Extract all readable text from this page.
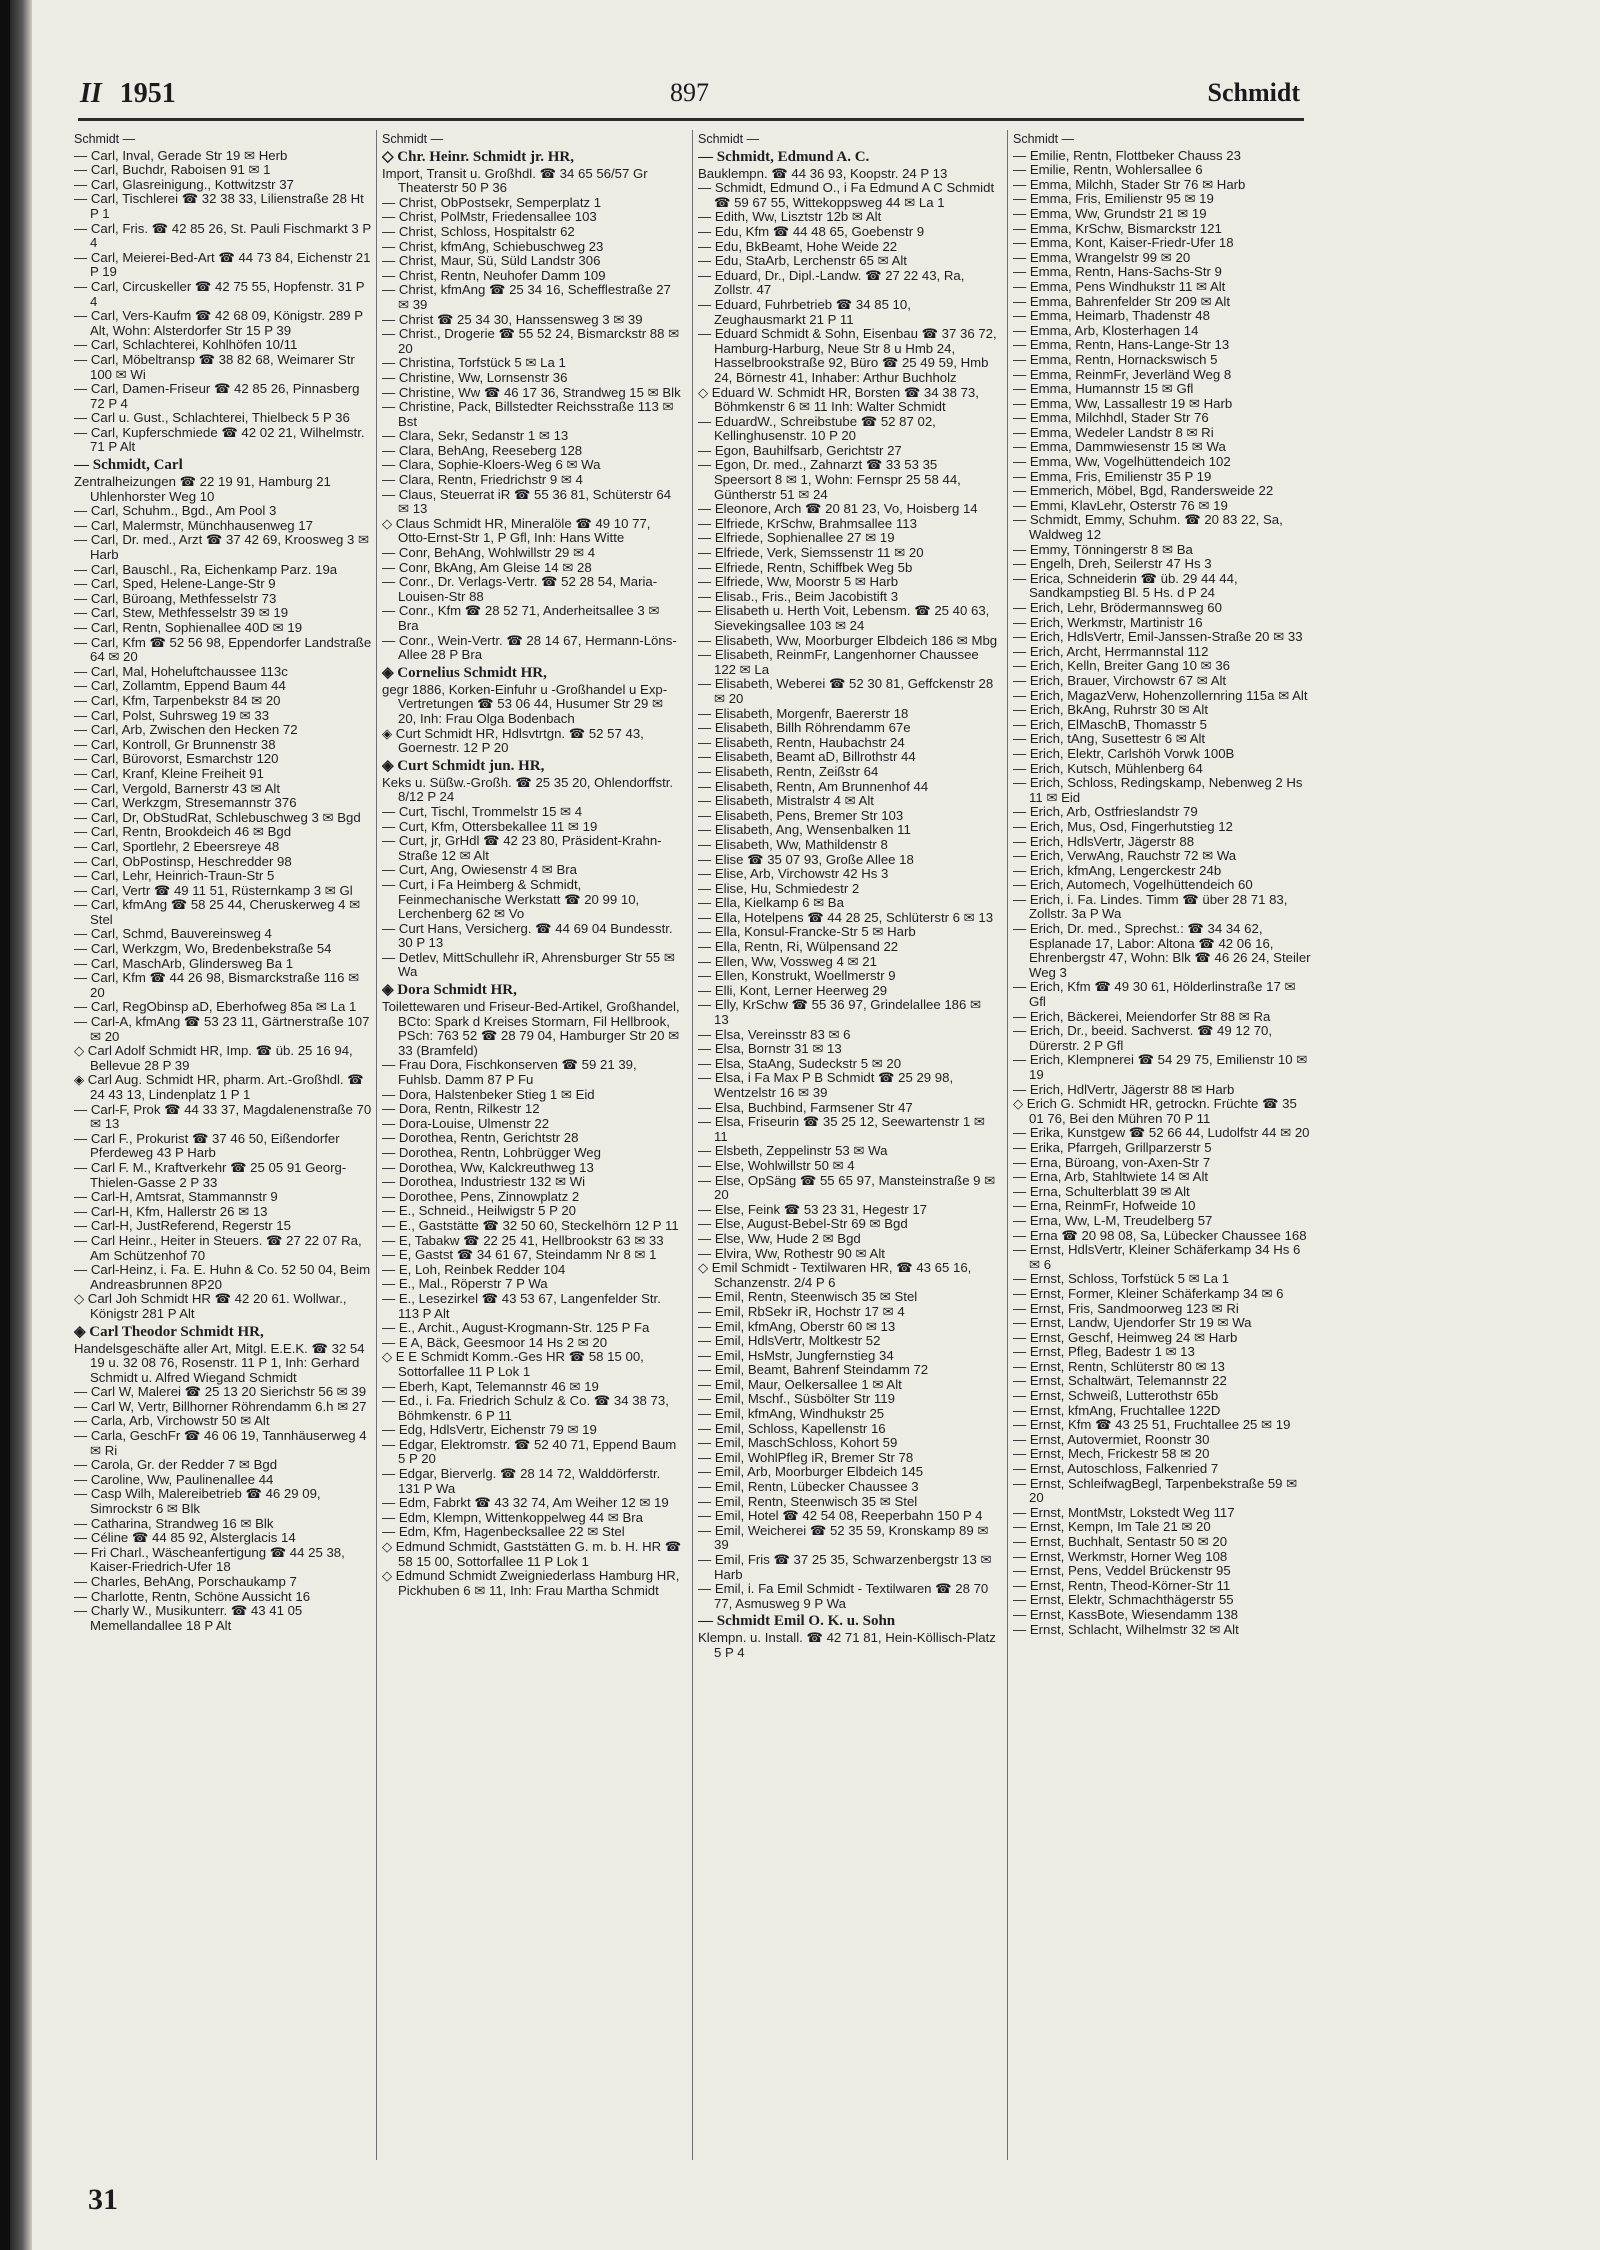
II 1951	897	Schmidt
Schmidt —
— Carl, Inval, Gerade Str 19 ✉ Herb
— Carl, Buchdr, Raboisen 91 ✉ 1
— Carl, Glasreinigung., Kottwitzstr 37
— Carl, Tischlerei ☎ 32 38 33, Lilienstraße 28 Ht P 1
— Carl, Fris. ☎ 42 85 26, St. Pauli Fischmarkt 3 P 4
— Carl, Meierei-Bed-Art ☎ 44 73 84, Eichenstr 21 P 19
— Carl, Circuskeller ☎ 42 75 55, Hopfenstr. 31 P 4
— Carl, Vers-Kaufm ☎ 42 68 09, Königstr. 289 P Alt, Wohn: Alsterdorfer Str 15 P 39
— Carl, Schlachterei, Kohlhöfen 10/11
— Carl, Möbeltransp ☎ 38 82 68, Weimarer Str 100 ✉ Wi
— Carl, Damen-Friseur ☎ 42 85 26, Pinnasberg 72 P 4
— Carl u. Gust., Schlachterei, Thielbeck 5 P 36
— Carl, Kupferschmiede ☎ 42 02 21, Wilhelmstr. 71 P Alt
— Schmidt, Carl
Zentralheizungen ☎ 22 19 91, Hamburg 21 Uhlenhorster Weg 10
— Carl, Schuhm., Bgd., Am Pool 3
— Carl, Malermstr, Münchhausenweg 17
— Carl, Dr. med., Arzt ☎ 37 42 69, Kroosweg 3 ✉ Harb
— Carl, Bauschl., Ra, Eichenkamp Parz. 19a
— Carl, Sped, Helene-Lange-Str 9
— Carl, Büroang, Methfesselstr 73
— Carl, Stew, Methfesselstr 39 ✉ 19
— Carl, Rentn, Sophienallee 40D ✉ 19
— Carl, Kfm ☎ 52 56 98, Eppendorfer Landstraße 64 ✉ 20
— Carl, Mal, Hoheluftchaussee 113c
— Carl, Zollamtm, Eppend Baum 44
— Carl, Kfm, Tarpenbekstr 84 ✉ 20
— Carl, Polst, Suhrsweg 19 ✉ 33
— Carl, Arb, Zwischen den Hecken 72
— Carl, Kontroll, Gr Brunnenstr 38
— Carl, Bürovorst, Esmarchstr 120
— Carl, Kranf, Kleine Freiheit 91
— Carl, Vergold, Barnerstr 43 ✉ Alt
— Carl, Werkzgm, Stresemannstr 376
— Carl, Dr, ObStudRat, Schlebuschweg 3 ✉ Bgd
— Carl, Rentn, Brookdeich 46 ✉ Bgd
— Carl, Sportlehr, 2 Ebeersreye 48
— Carl, ObPostinsp, Heschredder 98
— Carl, Lehr, Heinrich-Traun-Str 5
— Carl, Vertr ☎ 49 11 51, Rüsternkamp 3 ✉ Gl
— Carl, kfmAng ☎ 58 25 44, Cheruskerweg 4 ✉ Stel
— Carl, Schmd, Bauvereinsweg 4
— Carl, Werkzgm, Wo, Bredenbekstraße 54
— Carl, MaschArb, Glindersweg Ba 1
— Carl, Kfm ☎ 44 26 98, Bismarckstraße 116 ✉ 20
— Carl, RegObinsp aD, Eberhofweg 85a ✉ La 1
— Carl-A, kfmAng ☎ 53 23 11, Gärtnerstraße 107 ✉ 20
◇ Carl Adolf Schmidt HR, Imp. ☎ üb. 25 16 94, Bellevue 28 P 39
◈ Carl Aug. Schmidt HR, pharm. Art.-Großhdl. ☎ 24 43 13, Lindenplatz 1 P 1
— Carl-F, Prok ☎ 44 33 37, Magdalenenstraße 70 ✉ 13
— Carl F., Prokurist ☎ 37 46 50, Eißendorfer Pferdeweg 43 P Harb
— Carl F. M., Kraftverkehr ☎ 25 05 91 Georg-Thielen-Gasse 2 P 33
— Carl-H, Amtsrat, Stammannstr 9
— Carl-H, Kfm, Hallerstr 26 ✉ 13
— Carl-H, JustReferend, Regerstr 15
— Carl Heinr., Heiter in Steuers. ☎ 27 22 07 Ra, Am Schützenhof 70
— Carl-Heinz, i. Fa. E. Huhn & Co. 52 50 04, Beim Andreasbrunnen 8P20
◇ Carl Joh Schmidt HR ☎ 42 20 61. Wollwar., Königstr 281 P Alt
◈ Carl Theodor Schmidt HR,
Handelsgeschäfte aller Art, Mitgl. E.E.K. ☎ 32 54 19 u. 32 08 76, Rosenstr. 11 P 1, Inh: Gerhard Schmidt u. Alfred Wiegand Schmidt
— Carl W, Malerei ☎ 25 13 20 Sierichstr 56 ✉ 39
— Carl W, Vertr, Billhorner Röhrendamm 6.h ✉ 27
— Carla, Arb, Virchowstr 50 ✉ Alt
— Carla, GeschFr ☎ 46 06 19, Tannhäuserweg 4 ✉ Ri
— Carola, Gr. der Redder 7 ✉ Bgd
— Caroline, Ww, Paulinenallee 44
— Casp Wilh, Malereibetrieb ☎ 46 29 09, Simrockstr 6 ✉ Blk
— Catharina, Strandweg 16 ✉ Blk
— Céline ☎ 44 85 92, Alsterglacis 14
— Fri Charl., Wäscheanfertigung ☎ 44 25 38, Kaiser-Friedrich-Ufer 18
— Charles, BehAng, Porschaukamp 7
— Charlotte, Rentn, Schöne Aussicht 16
— Charly W., Musikunterr. ☎ 43 41 05 Memellandallee 18 P Alt
Schmidt —
◇ Chr. Heinr. Schmidt jr. HR,
Import, Transit u. Großhdl. ☎ 34 65 56/57 Gr Theaterstr 50 P 36
— Christ, ObPostsekr, Semperplatz 1
— Christ, PolMstr, Friedensallee 103
— Christ, Schloss, Hospitalstr 62
— Christ, kfmAng, Schiebuschweg 23
— Christ, Maur, Sü, Süld Landstr 306
— Christ, Rentn, Neuhofer Damm 109
— Christ, kfmAng ☎ 25 34 16, Schefflestraße 27 ✉ 39
— Christ ☎ 25 34 30, Hanssensweg 3 ✉ 39
— Christ., Drogerie ☎ 55 52 24, Bismarckstr 88 ✉ 20
— Christina, Torfstück 5 ✉ La 1
— Christine, Ww, Lornsenstr 36
— Christine, Ww ☎ 46 17 36, Strandweg 15 ✉ Blk
— Christine, Pack, Billstedter Reichsstraße 113 ✉ Bst
— Clara, Sekr, Sedanstr 1 ✉ 13
— Clara, BehAng, Reeseberg 128
— Clara, Sophie-Kloers-Weg 6 ✉ Wa
— Clara, Rentn, Friedrichstr 9 ✉ 4
— Claus, Steuerrat iR ☎ 55 36 81, Schüterstr 64 ✉ 13
◇ Claus Schmidt HR, Mineralöle ☎ 49 10 77, Otto-Ernst-Str 1, P Gfl, Inh: Hans Witte
— Conr, BehAng, Wohlwillstr 29 ✉ 4
— Conr, BkAng, Am Gleise 14 ✉ 28
— Conr., Dr. Verlags-Vertr. ☎ 52 28 54, Maria-Louisen-Str 88
— Conr., Kfm ☎ 28 52 71, Anderheitsallee 3 ✉ Bra
— Conr., Wein-Vertr. ☎ 28 14 67, Hermann-Löns-Allee 28 P Bra
◈ Cornelius Schmidt HR,
gegr 1886, Korken-Einfuhr u -Großhandel u Exp-Vertretungen ☎ 53 06 44, Husumer Str 29 ✉ 20, Inh: Frau Olga Bodenbach
◈ Curt Schmidt HR, Hdlsvtrtgn. ☎ 52 57 43, Goernestr. 12 P 20
◈ Curt Schmidt jun. HR,
Keks u. Süßw.-Großh. ☎ 25 35 20, Ohlendorffstr. 8/12 P 24
— Curt, Tischl, Trommelstr 15 ✉ 4
— Curt, Kfm, Ottersbekallee 11 ✉ 19
— Curt, jr, GrHdl ☎ 42 23 80, Präsident-Krahn-Straße 12 ✉ Alt
— Curt, Ang, Owiesenstr 4 ✉ Bra
— Curt, i Fa Heimberg & Schmidt, Feinmechanische Werkstatt ☎ 20 99 10, Lerchenberg 62 ✉ Vo
— Curt Hans, Versicherg. ☎ 44 69 04 Bundesstr. 30 P 13
— Detlev, MittSchullehr iR, Ahrensburger Str 55 ✉ Wa
◈ Dora Schmidt HR,
Toilettewaren und Friseur-Bed-Artikel, Großhandel, BCto: Spark d Kreises Stormarn, Fil Hellbrook, PSch: 763 52 ☎ 28 79 04, Hamburger Str 20 ✉ 33 (Bramfeld)
— Frau Dora, Fischkonserven ☎ 59 21 39, Fuhlsb. Damm 87 P Fu
— Dora, Halstenbeker Stieg 1 ✉ Eid
— Dora, Rentn, Rilkestr 12
— Dora-Louise, Ulmenstr 22
— Dorothea, Rentn, Gerichtstr 28
— Dorothea, Rentn, Lohbrügger Weg
— Dorothea, Ww, Kalckreuthweg 13
— Dorothea, Industriestr 132 ✉ Wi
— Dorothee, Pens, Zinnowplatz 2
— E., Schneid., Heilwigstr 5 P 20
— E., Gaststätte ☎ 32 50 60, Steckelhörn 12 P 11
— E, Tabakw ☎ 22 25 41, Hellbrookstr 63 ✉ 33
— E, Gastst ☎ 34 61 67, Steindamm Nr 8 ✉ 1
— E, Loh, Reinbek Redder 104
— E., Mal., Röperstr 7 P Wa
— E., Lesezirkel ☎ 43 53 67, Langenfelder Str. 113 P Alt
— E., Archit., August-Krogmann-Str. 125 P Fa
— E A, Bäck, Geesmoor 14 Hs 2 ✉ 20
◇ E E Schmidt Komm.-Ges HR ☎ 58 15 00, Sottorfallee 11 P Lok 1
— Eberh, Kapt, Telemannstr 46 ✉ 19
— Ed., i. Fa. Friedrich Schulz & Co. ☎ 34 38 73, Böhmkenstr. 6 P 11
— Edg, HdlsVertr, Eichenstr 79 ✉ 19
— Edgar, Elektromstr. ☎ 52 40 71, Eppend Baum 5 P 20
— Edgar, Bierverlg. ☎ 28 14 72, Walddörferstr. 131 P Wa
— Edm, Fabrkt ☎ 43 32 74, Am Weiher 12 ✉ 19
— Edm, Klempn, Wittenkoppelweg 44 ✉ Bra
— Edm, Kfm, Hagenbecksallee 22 ✉ Stel
◇ Edmund Schmidt, Gaststätten G. m. b. H. HR ☎ 58 15 00, Sottorfallee 11 P Lok 1
◇ Edmund Schmidt Zweigniederlass Hamburg HR, Pickhuben 6 ✉ 11, Inh: Frau Martha Schmidt
Schmidt —
— Schmidt, Edmund A. C.
Bauklempn. ☎ 44 36 93, Koopstr. 24 P 13
— Schmidt, Edmund O., i Fa Edmund A C Schmidt ☎ 59 67 55, Wittekoppsweg 44 ✉ La 1
— Edith, Ww, Lisztstr 12b ✉ Alt
— Edu, Kfm ☎ 44 48 65, Goebenstr 9
— Edu, BkBeamt, Hohe Weide 22
— Edu, StaArb, Lerchenstr 65 ✉ Alt
— Eduard, Dr., Dipl.-Landw. ☎ 27 22 43, Ra, Zollstr. 47
— Eduard, Fuhrbetrieb ☎ 34 85 10, Zeughausmarkt 21 P 11
— Eduard Schmidt & Sohn, Eisenbau ☎ 37 36 72, Hamburg-Harburg, Neue Str 8 u Hmb 24, Hasselbrookstraße 92, Büro ☎ 25 49 59, Hmb 24, Börnestr 41, Inhaber: Arthur Buchholz
◇ Eduard W. Schmidt HR, Borsten ☎ 34 38 73, Böhmkenstr 6 ✉ 11 Inh: Walter Schmidt
— EduardW., Schreibstube ☎ 52 87 02, Kellinghusenstr. 10 P 20
— Egon, Bauhilfsarb, Gerichtstr 27
— Egon, Dr. med., Zahnarzt ☎ 33 53 35 Speersort 8 ✉ 1, Wohn: Fernspr 25 58 44, Güntherstr 51 ✉ 24
— Eleonore, Arch ☎ 20 81 23, Vo, Hoisberg 14
— Elfriede, KrSchw, Brahmsallee 113
— Elfriede, Sophienallee 27 ✉ 19
— Elfriede, Verk, Siemssenstr 11 ✉ 20
— Elfriede, Rentn, Schiffbek Weg 5b
— Elfriede, Ww, Moorstr 5 ✉ Harb
— Elisab., Fris., Beim Jacobistift 3
— Elisabeth u. Herth Voit, Lebensm. ☎ 25 40 63, Sievekingsallee 103 ✉ 24
— Elisabeth, Ww, Moorburger Elbdeich 186 ✉ Mbg
— Elisabeth, ReinmFr, Langenhorner Chaussee 122 ✉ La
— Elisabeth, Weberei ☎ 52 30 81, Geffckenstr 28 ✉ 20
— Elisabeth, Morgenfr, Baererstr 18
— Elisabeth, Billh Röhrendamm 67e
— Elisabeth, Rentn, Haubachstr 24
— Elisabeth, Beamt aD, Billrothstr 44
— Elisabeth, Rentn, Zeißstr 64
— Elisabeth, Rentn, Am Brunnenhof 44
— Elisabeth, Mistralstr 4 ✉ Alt
— Elisabeth, Pens, Bremer Str 103
— Elisabeth, Ang, Wensenbalken 11
— Elisabeth, Ww, Mathildenstr 8
— Elise ☎ 35 07 93, Große Allee 18
— Elise, Arb, Virchowstr 42 Hs 3
— Elise, Hu, Schmiedestr 2
— Ella, Kielkamp 6 ✉ Ba
— Ella, Hotelpens ☎ 44 28 25, Schlüterstr 6 ✉ 13
— Ella, Konsul-Francke-Str 5 ✉ Harb
— Ella, Rentn, Ri, Wülpensand 22
— Ellen, Ww, Vossweg 4 ✉ 21
— Ellen, Konstrukt, Woellmerstr 9
— Elli, Kont, Lerner Heerweg 29
— Elly, KrSchw ☎ 55 36 97, Grindelallee 186 ✉ 13
— Elsa, Vereinsstr 83 ✉ 6
— Elsa, Bornstr 31 ✉ 13
— Elsa, StaAng, Sudeckstr 5 ✉ 20
— Elsa, i Fa Max P B Schmidt ☎ 25 29 98, Wentzelstr 16 ✉ 39
— Elsa, Buchbind, Farmsener Str 47
— Elsa, Friseurin ☎ 35 25 12, Seewartenstr 1 ✉ 11
— Elsbeth, Zeppelinstr 53 ✉ Wa
— Else, Wohlwillstr 50 ✉ 4
— Else, OpSäng ☎ 55 65 97, Mansteinstraße 9 ✉ 20
— Else, Feink ☎ 53 23 31, Hegestr 17
— Else, August-Bebel-Str 69 ✉ Bgd
— Else, Ww, Hude 2 ✉ Bgd
— Elvira, Ww, Rothestr 90 ✉ Alt
◇ Emil Schmidt - Textilwaren HR, ☎ 43 65 16, Schanzenstr. 2/4 P 6
— Emil, Rentn, Steenwisch 35 ✉ Stel
— Emil, RbSekr iR, Hochstr 17 ✉ 4
— Emil, kfmAng, Oberstr 60 ✉ 13
— Emil, HdlsVertr, Moltkestr 52
— Emil, HsMstr, Jungfernstieg 34
— Emil, Beamt, Bahrenf Steindamm 72
— Emil, Maur, Oelkersallee 1 ✉ Alt
— Emil, Mschf., Süsbölter Str 119
— Emil, kfmAng, Windhukstr 25
— Emil, Schloss, Kapellenstr 16
— Emil, MaschSchloss, Kohort 59
— Emil, WohlPfleg iR, Bremer Str 78
— Emil, Arb, Moorburger Elbdeich 145
— Emil, Rentn, Lübecker Chaussee 3
— Emil, Rentn, Steenwisch 35 ✉ Stel
— Emil, Hotel ☎ 42 54 08, Reeperbahn 150 P 4
— Emil, Weicherei ☎ 52 35 59, Kronskamp 89 ✉ 39
— Emil, Fris ☎ 37 25 35, Schwarzenbergstr 13 ✉ Harb
— Emil, i. Fa Emil Schmidt - Textilwaren ☎ 28 70 77, Asmusweg 9 P Wa
— Schmidt Emil O. K. u. Sohn
Klempn. u. Install. ☎ 42 71 81, Hein-Köllisch-Platz 5 P 4
Schmidt —
— Emilie, Rentn, Flottbeker Chauss 23
— Emilie, Rentn, Wohlersallee 6
— Emma, Milchh, Stader Str 76 ✉ Harb
— Emma, Fris, Emilienstr 95 ✉ 19
— Emma, Ww, Grundstr 21 ✉ 19
— Emma, KrSchw, Bismarckstr 121
— Emma, Kont, Kaiser-Friedr-Ufer 18
— Emma, Wrangelstr 99 ✉ 20
— Emma, Rentn, Hans-Sachs-Str 9
— Emma, Pens Windhukstr 11 ✉ Alt
— Emma, Bahrenfelder Str 209 ✉ Alt
— Emma, Heimarb, Thadenstr 48
— Emma, Arb, Klosterhagen 14
— Emma, Rentn, Hans-Lange-Str 13
— Emma, Rentn, Hornackswisch 5
— Emma, ReinmFr, Jeverländ Weg 8
— Emma, Humannstr 15 ✉ Gfl
— Emma, Ww, Lassallestr 19 ✉ Harb
— Emma, Milchhdl, Stader Str 76
— Emma, Wedeler Landstr 8 ✉ Ri
— Emma, Dammwiesenstr 15 ✉ Wa
— Emma, Ww, Vogelhüttendeich 102
— Emma, Fris, Emilienstr 35 P 19
— Emmerich, Möbel, Bgd, Randersweide 22
— Emmi, KlavLehr, Osterstr 76 ✉ 19
— Schmidt, Emmy, Schuhm. ☎ 20 83 22, Sa, Waldweg 12
— Emmy, Tönningerstr 8 ✉ Ba
— Engelh, Dreh, Seilerstr 47 Hs 3
— Erica, Schneiderin ☎ üb. 29 44 44, Sandkampstieg Bl. 5 Hs. d P 24
— Erich, Lehr, Brödermannsweg 60
— Erich, Werkmstr, Martinistr 16
— Erich, HdlsVertr, Emil-Janssen-Straße 20 ✉ 33
— Erich, Archt, Herrmannstal 112
— Erich, Kelln, Breiter Gang 10 ✉ 36
— Erich, Brauer, Virchowstr 67 ✉ Alt
— Erich, MagazVerw, Hohenzollernring 115a ✉ Alt
— Erich, BkAng, Ruhrstr 30 ✉ Alt
— Erich, ElMaschB, Thomasstr 5
— Erich, tAng, Susettestr 6 ✉ Alt
— Erich, Elektr, Carlshöh Vorwk 100B
— Erich, Kutsch, Mühlenberg 64
— Erich, Schloss, Redingskamp, Nebenweg 2 Hs 11 ✉ Eid
— Erich, Arb, Ostfrieslandstr 79
— Erich, Mus, Osd, Fingerhutstieg 12
— Erich, HdlsVertr, Jägerstr 88
— Erich, VerwAng, Rauchstr 72 ✉ Wa
— Erich, kfmAng, Lengerckestr 24b
— Erich, Automech, Vogelhüttendeich 60
— Erich, i. Fa. Lindes. Timm ☎ über 28 71 83, Zollstr. 3a P Wa
— Erich, Dr. med., Sprechst.: ☎ 34 34 62, Esplanade 17, Labor: Altona ☎ 42 06 16, Ehrenbergstr 47, Wohn: Blk ☎ 46 26 24, Steiler Weg 3
— Erich, Kfm ☎ 49 30 61, Hölderlinstraße 17 ✉ Gfl
— Erich, Bäckerei, Meiendorfer Str 88 ✉ Ra
— Erich, Dr., beeid. Sachverst. ☎ 49 12 70, Dürerstr. 2 P Gfl
— Erich, Klempnerei ☎ 54 29 75, Emilienstr 10 ✉ 19
— Erich, HdlVertr, Jägerstr 88 ✉ Harb
◇ Erich G. Schmidt HR, getrockn. Früchte ☎ 35 01 76, Bei den Mühren 70 P 11
— Erika, Kunstgew ☎ 52 66 44, Ludolfstr 44 ✉ 20
— Erika, Pfarrgeh, Grillparzerstr 5
— Erna, Büroang, von-Axen-Str 7
— Erna, Arb, Stahltwiete 14 ✉ Alt
— Erna, Schulterblatt 39 ✉ Alt
— Erna, ReinmFr, Hofweide 10
— Erna, Ww, L-M, Treudelberg 57
— Erna ☎ 20 98 08, Sa, Lübecker Chaussee 168
— Ernst, HdlsVertr, Kleiner Schäferkamp 34 Hs 6 ✉ 6
— Ernst, Schloss, Torfstück 5 ✉ La 1
— Ernst, Former, Kleiner Schäferkamp 34 ✉ 6
— Ernst, Fris, Sandmoorweg 123 ✉ Ri
— Ernst, Landw, Ujendorfer Str 19 ✉ Wa
— Ernst, Geschf, Heimweg 24 ✉ Harb
— Ernst, Pfleg, Badestr 1 ✉ 13
— Ernst, Rentn, Schlüterstr 80 ✉ 13
— Ernst, Schaltwärt, Telemannstr 22
— Ernst, Schweiß, Lutterothstr 65b
— Ernst, kfmAng, Fruchtallee 122D
— Ernst, Kfm ☎ 43 25 51, Fruchtallee 25 ✉ 19
— Ernst, Autovermiet, Roonstr 30
— Ernst, Mech, Frickestr 58 ✉ 20
— Ernst, Autoschloss, Falkenried 7
— Ernst, SchleifwagBegl, Tarpenbekstraße 59 ✉ 20
— Ernst, MontMstr, Lokstedt Weg 117
— Ernst, Kempn, Im Tale 21 ✉ 20
— Ernst, Buchhalt, Sentastr 50 ✉ 20
— Ernst, Werkmstr, Horner Weg 108
— Ernst, Pens, Veddel Brückenstr 95
— Ernst, Rentn, Theod-Körner-Str 11
— Ernst, Elektr, Schmachthägerstr 55
— Ernst, KassBote, Wiesendamm 138
— Ernst, Schlacht, Wilhelmstr 32 ✉ Alt
31
